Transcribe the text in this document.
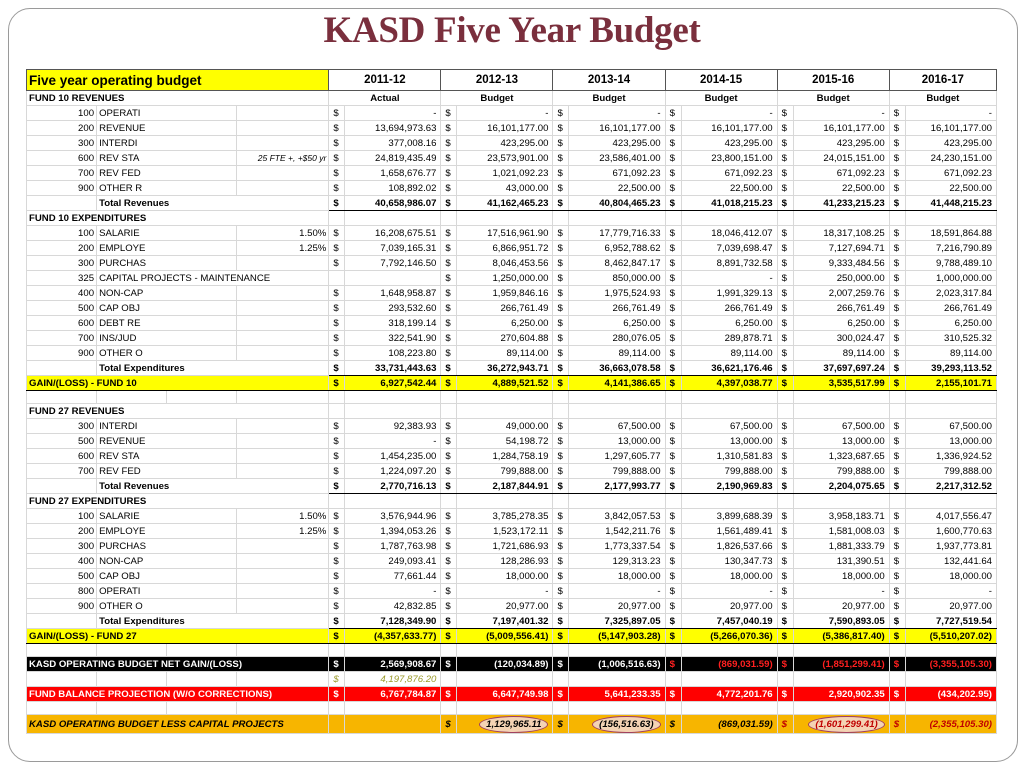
KASD Five Year Budget
Five year operating budget				2011-12		2012-13		2013-14		2014-15		2015-16		2016-17	
FUND 10 REVENUES				Actual		Budget		Budget		Budget		Budget		Budget	
100	OPERATI			$	-	$	-	$	-	$	-	$	-	$	-
200	REVENUE			$	13,694,973.63	$	16,101,177.00	$	16,101,177.00	$	16,101,177.00	$	16,101,177.00	$	16,101,177.00
300	INTERDI			$	377,008.16	$	423,295.00	$	423,295.00	$	423,295.00	$	423,295.00	$	423,295.00
600	REV STA		25 FTE +, +$50 yr	$	24,819,435.49	$	23,573,901.00	$	23,586,401.00	$	23,800,151.00	$	24,015,151.00	$	24,230,151.00
700	REV FED			$	1,658,676.77	$	1,021,092.23	$	671,092.23	$	671,092.23	$	671,092.23	$	671,092.23
900	OTHER R			$	108,892.02	$	43,000.00	$	22,500.00	$	22,500.00	$	22,500.00	$	22,500.00
	Total Revenues			$	40,658,986.07	$	41,162,465.23	$	40,804,465.23	$	41,018,215.23	$	41,233,215.23	$	41,448,215.23
FUND 10 EXPENDITURES															
100	SALARIE		1.50%	$	16,208,675.51	$	17,516,961.90	$	17,779,716.33	$	18,046,412.07	$	18,317,108.25	$	18,591,864.88
200	EMPLOYE		1.25%	$	7,039,165.31	$	6,866,951.72	$	6,952,788.62	$	7,039,698.47	$	7,127,694.71	$	7,216,790.89
300	PURCHAS			$	7,792,146.50	$	8,046,453.56	$	8,462,847.17	$	8,891,732.58	$	9,333,484.56	$	9,788,489.10
325	CAPITAL PROJECTS - MAINTENANCE					$	1,250,000.00	$	850,000.00	$	-	$	250,000.00	$	1,000,000.00
400	NON-CAP			$	1,648,958.87	$	1,959,846.16	$	1,975,524.93	$	1,991,329.13	$	2,007,259.76	$	2,023,317.84
500	CAP OBJ			$	293,532.60	$	266,761.49	$	266,761.49	$	266,761.49	$	266,761.49	$	266,761.49
600	DEBT RE			$	318,199.14	$	6,250.00	$	6,250.00	$	6,250.00	$	6,250.00	$	6,250.00
700	INS/JUD			$	322,541.90	$	270,604.88	$	280,076.05	$	289,878.71	$	300,024.47	$	310,525.32
900	OTHER O			$	108,223.80	$	89,114.00	$	89,114.00	$	89,114.00	$	89,114.00	$	89,114.00
	Total Expenditures			$	33,731,443.63	$	36,272,943.71	$	36,663,078.58	$	36,621,176.46	$	37,697,697.24	$	39,293,113.52
GAIN/(LOSS) - FUND 10				$	6,927,542.44	$	4,889,521.52	$	4,141,386.65	$	4,397,038.77	$	3,535,517.99	$	2,155,101.71

FUND 27 REVENUES															
300	INTERDI			$	92,383.93	$	49,000.00	$	67,500.00	$	67,500.00	$	67,500.00	$	67,500.00
500	REVENUE			$	-	$	54,198.72	$	13,000.00	$	13,000.00	$	13,000.00	$	13,000.00
600	REV STA			$	1,454,235.00	$	1,284,758.19	$	1,297,605.77	$	1,310,581.83	$	1,323,687.65	$	1,336,924.52
700	REV FED			$	1,224,097.20	$	799,888.00	$	799,888.00	$	799,888.00	$	799,888.00	$	799,888.00
	Total Revenues			$	2,770,716.13	$	2,187,844.91	$	2,177,993.77	$	2,190,969.83	$	2,204,075.65	$	2,217,312.52
FUND 27 EXPENDITURES															
100	SALARIE		1.50%	$	3,576,944.96	$	3,785,278.35	$	3,842,057.53	$	3,899,688.39	$	3,958,183.71	$	4,017,556.47
200	EMPLOYE		1.25%	$	1,394,053.26	$	1,523,172.11	$	1,542,211.76	$	1,561,489.41	$	1,581,008.03	$	1,600,770.63
300	PURCHAS			$	1,787,763.98	$	1,721,686.93	$	1,773,337.54	$	1,826,537.66	$	1,881,333.79	$	1,937,773.81
400	NON-CAP			$	249,093.41	$	128,286.93	$	129,313.23	$	130,347.73	$	131,390.51	$	132,441.64
500	CAP OBJ			$	77,661.44	$	18,000.00	$	18,000.00	$	18,000.00	$	18,000.00	$	18,000.00
800	OPERATI			$	-	$	-	$	-	$	-	$	-	$	-
900	OTHER O			$	42,832.85	$	20,977.00	$	20,977.00	$	20,977.00	$	20,977.00	$	20,977.00
	Total Expenditures			$	7,128,349.90	$	7,197,401.32	$	7,325,897.05	$	7,457,040.19	$	7,590,893.05	$	7,727,519.54
GAIN/(LOSS) - FUND 27				$	(4,357,633.77)	$	(5,009,556.41)	$	(5,147,903.28)	$	(5,266,070.36)	$	(5,386,817.40)	$	(5,510,207.02)

KASD OPERATING BUDGET NET GAIN/(LOSS)				$	2,569,908.67	$	(120,034.89)	$	(1,006,516.63)	$	(869,031.59)	$	(1,851,299.41)	$	(3,355,105.30)
				$	4,197,876.20										
FUND BALANCE PROJECTION (W/O CORRECTIONS)				$	6,767,784.87	$	6,647,749.98	$	5,641,233.35	$	4,772,201.76	$	2,920,902.35	$	(434,202.95)

KASD OPERATING BUDGET LESS CAPITAL PROJECTS						$	1,129,965.11	$	(156,516.63)	$	(869,031.59)	$	(1,601,299.41)	$	(2,355,105.30)
